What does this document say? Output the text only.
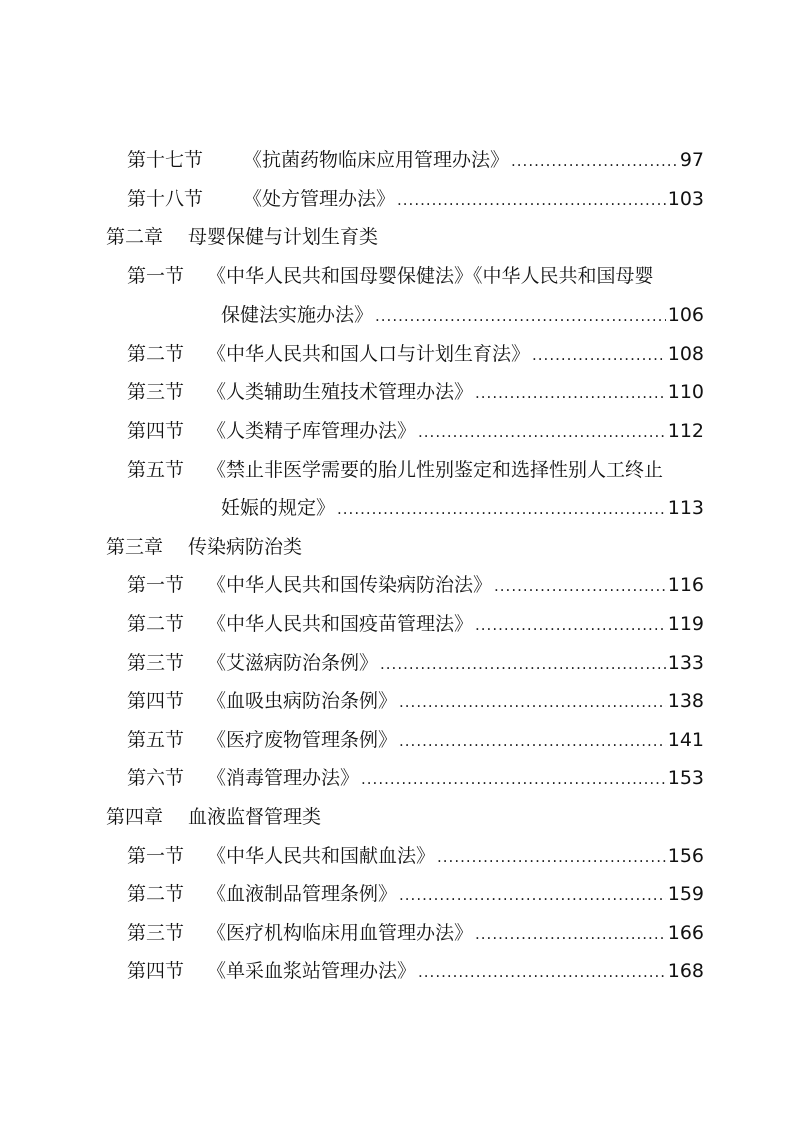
第十七节	《抗菌药物临床应用管理办法》 .....	97
第十八节	《处方管理办法》 .....	103
第二章	母婴保健与计划生育类
第一节	《中华人民共和国母婴保健法》《中华人民共和国母婴
保健法实施办法》 .....	106
第二节	《中华人民共和国人口与计划生育法》 .....	108
第三节	《人类辅助生殖技术管理办法》 .....	110
第四节	《人类精子库管理办法》 .....	112
第五节	《禁止非医学需要的胎儿性别鉴定和选择性别人工终止
妊娠的规定》 .....	113
第三章	传染病防治类
第一节	《中华人民共和国传染病防治法》 .....	116
第二节	《中华人民共和国疫苗管理法》 .....	119
第三节	《艾滋病防治条例》 .....	133
第四节	《血吸虫病防治条例》 .....	138
第五节	《医疗废物管理条例》 .....	141
第六节	《消毒管理办法》 .....	153
第四章	血液监督管理类
第一节	《中华人民共和国献血法》 .....	156
第二节	《血液制品管理条例》 .....	159
第三节	《医疗机构临床用血管理办法》 .....	166
第四节	《单采血浆站管理办法》 .....	168
